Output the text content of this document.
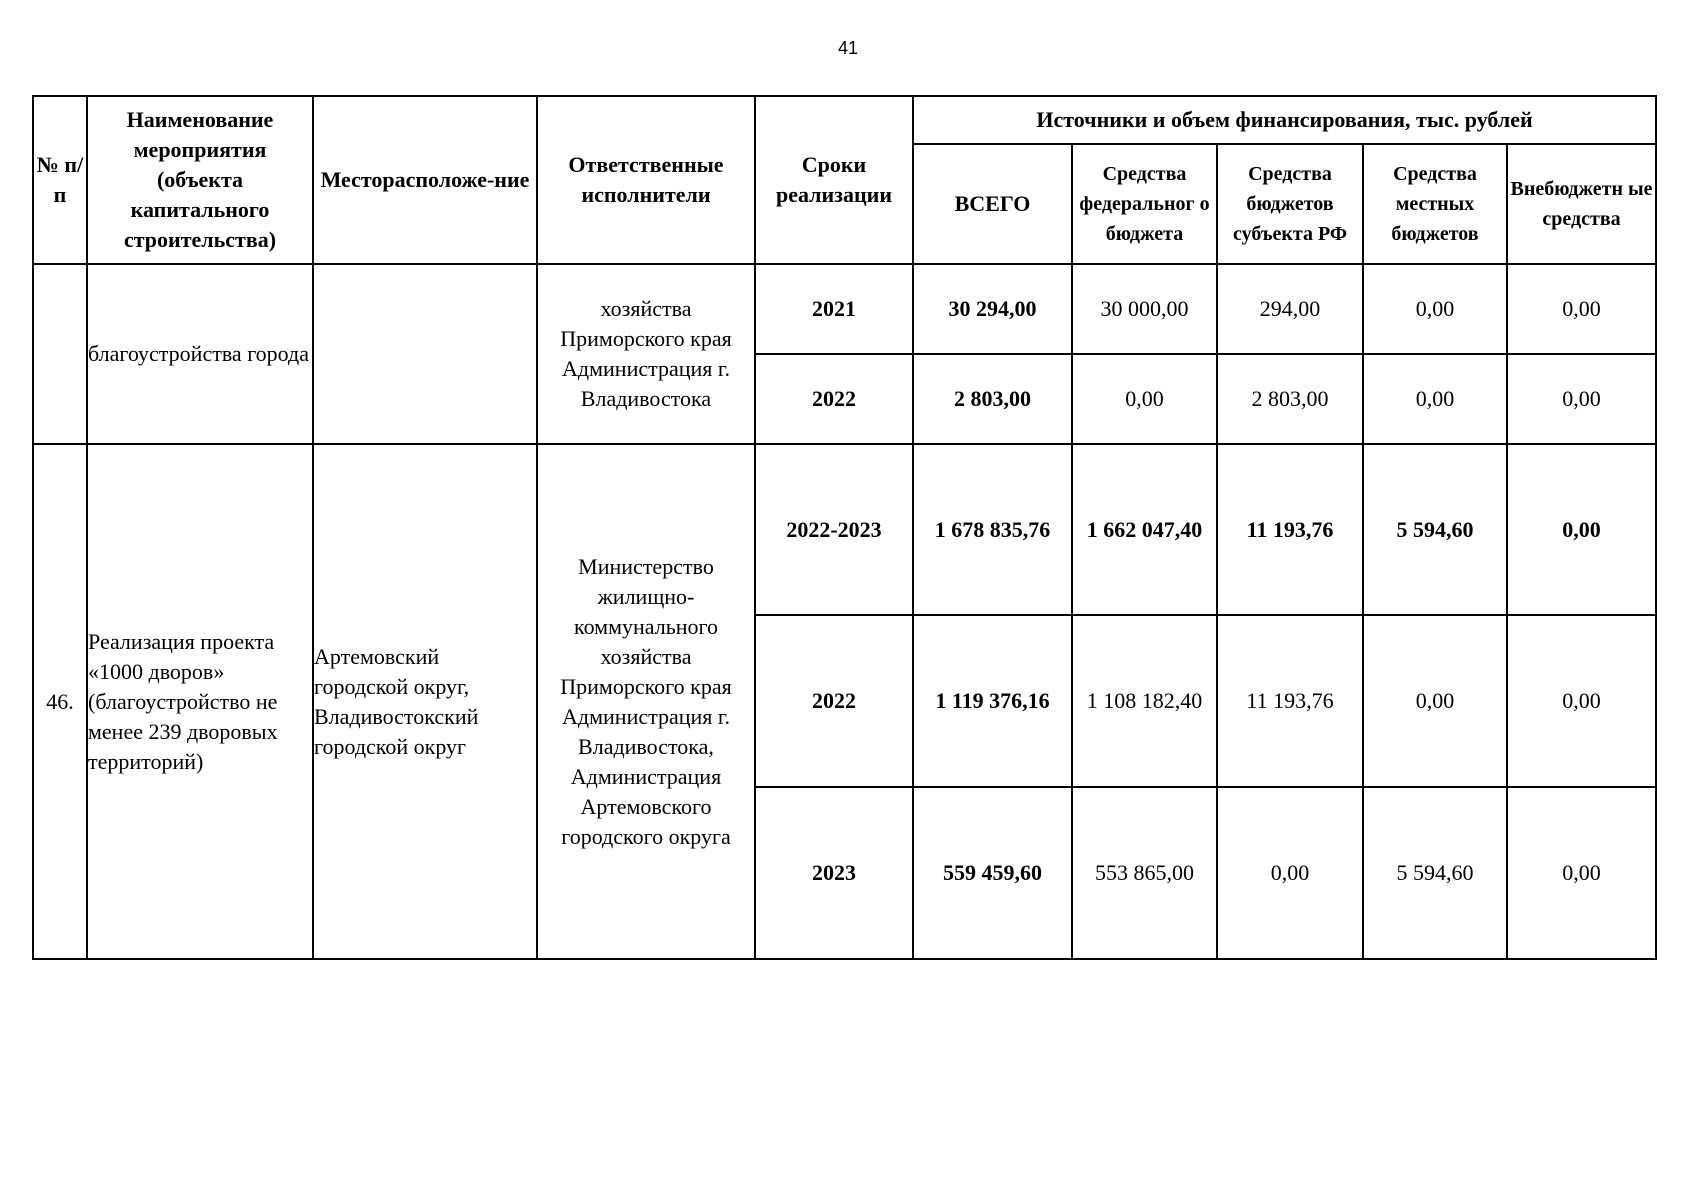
41
№ п/п	Наименование мероприятия (объекта капитального строительства)	Месторасположе-ние	Ответственные исполнители	Сроки реализации	Источники и объем финансирования, тыс. рублей				
					ВСЕГО	Средства федеральног о бюджета	Средства бюджетов субъекта РФ	Средства местных бюджетов	Внебюджетн ые средства
	благоустройства города		хозяйства Приморского края Администрация г. Владивостока	2021	30 294,00	30 000,00	294,00	0,00	0,00
				2022	2 803,00	0,00	2 803,00	0,00	0,00
46.	Реализация проекта «1000 дворов» (благоустройство не менее 239 дворовых территорий)	Артемовский городской округ, Владивостокский городской округ	Министерство жилищно-коммунального хозяйства Приморского края Администрация г. Владивостока, Администрация Артемовского городского округа	2022-2023	1 678 835,76	1 662 047,40	11 193,76	5 594,60	0,00
				2022	1 119 376,16	1 108 182,40	11 193,76	0,00	0,00
				2023	559 459,60	553 865,00	0,00	5 594,60	0,00
